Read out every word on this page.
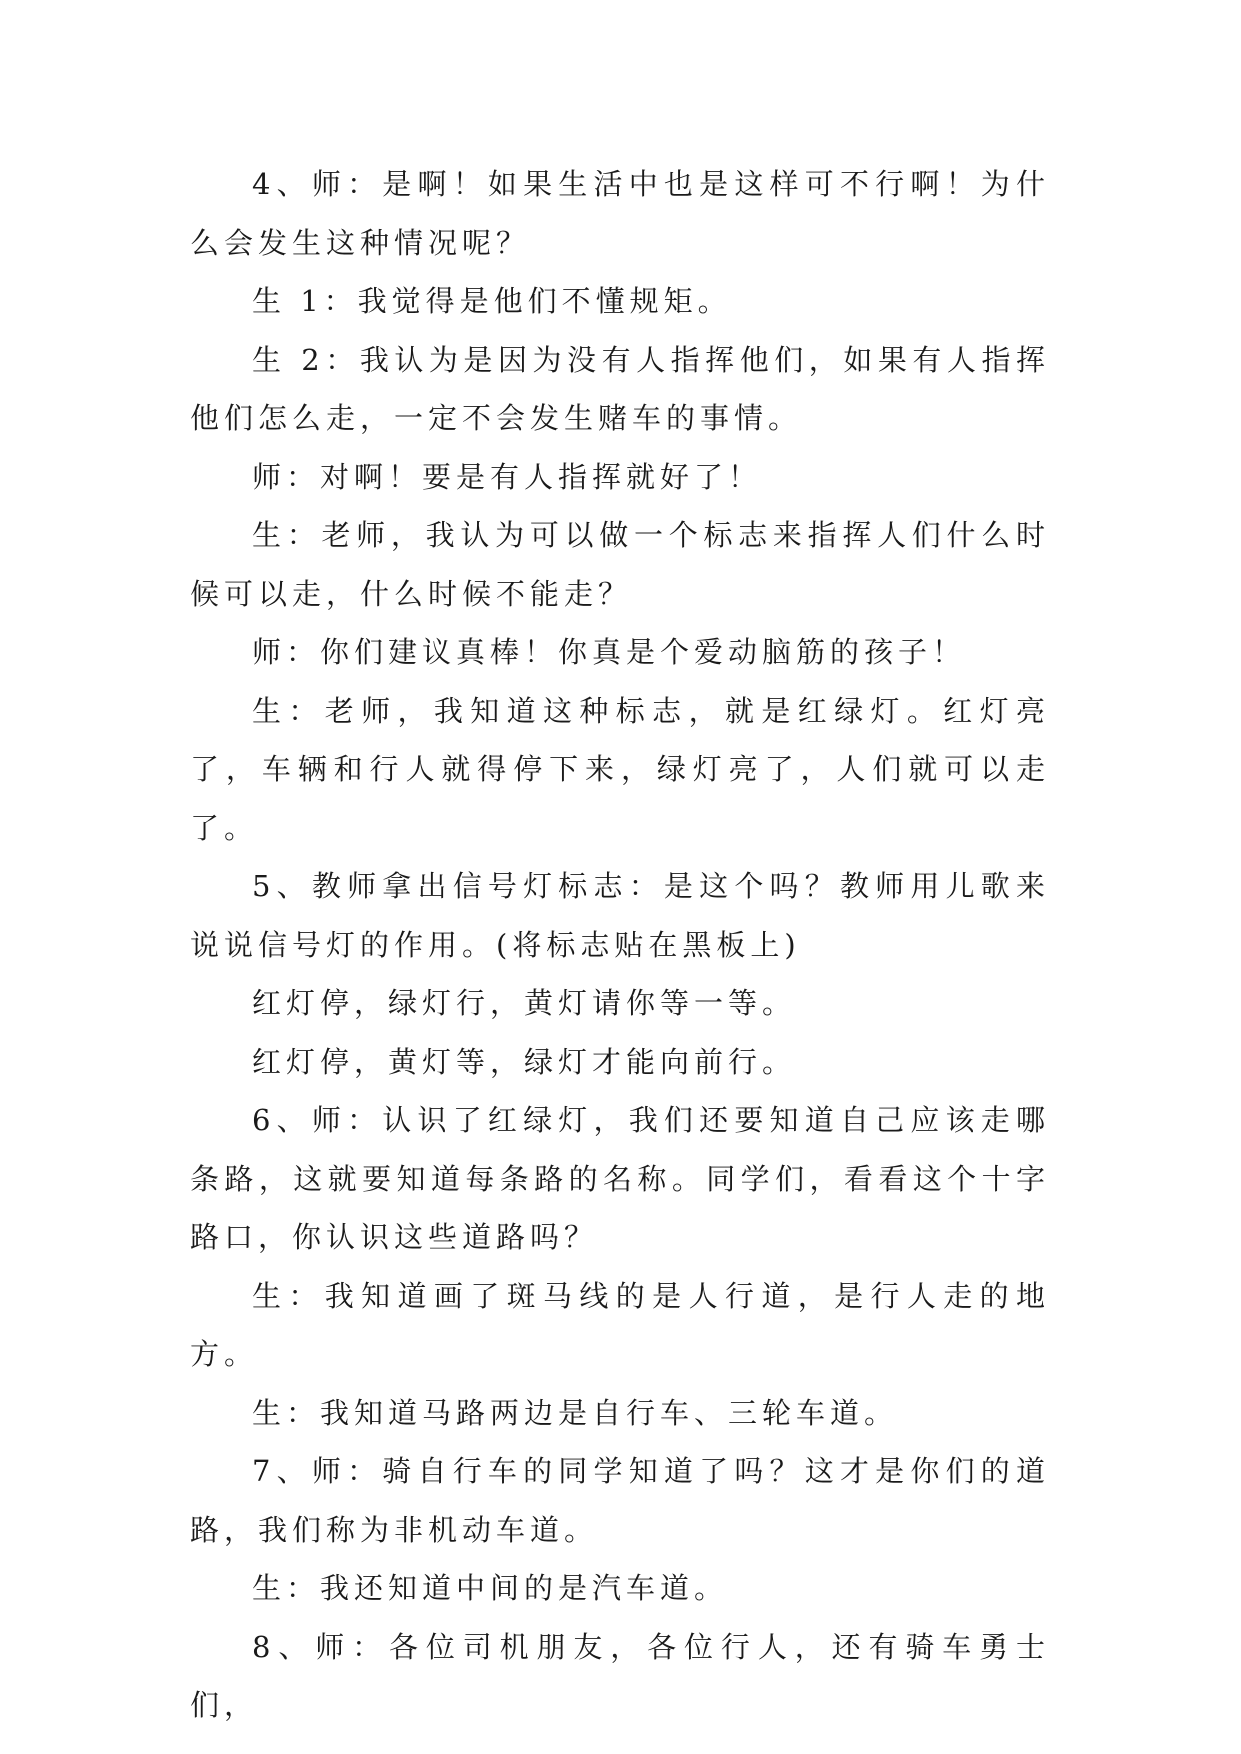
4、师：是啊！如果生活中也是这样可不行啊！为什么会发生这种情况呢？

生 1：我觉得是他们不懂规矩。

生 2：我认为是因为没有人指挥他们，如果有人指挥他们怎么走，一定不会发生赌车的事情。

师：对啊！要是有人指挥就好了！

生：老师，我认为可以做一个标志来指挥人们什么时候可以走，什么时候不能走？

师：你们建议真棒！你真是个爱动脑筋的孩子！

生：老师，我知道这种标志，就是红绿灯。红灯亮了，车辆和行人就得停下来，绿灯亮了，人们就可以走了。

5、教师拿出信号灯标志：是这个吗？教师用儿歌来说说信号灯的作用。(将标志贴在黑板上)

红灯停，绿灯行，黄灯请你等一等。

红灯停，黄灯等，绿灯才能向前行。

6、师：认识了红绿灯，我们还要知道自己应该走哪条路，这就要知道每条路的名称。同学们，看看这个十字路口，你认识这些道路吗？

生：我知道画了斑马线的是人行道，是行人走的地方。

生：我知道马路两边是自行车、三轮车道。

7、师：骑自行车的同学知道了吗？这才是你们的道路，我们称为非机动车道。

生：我还知道中间的是汽车道。

8、师：各位司机朋友，各位行人，还有骑车勇士们，
